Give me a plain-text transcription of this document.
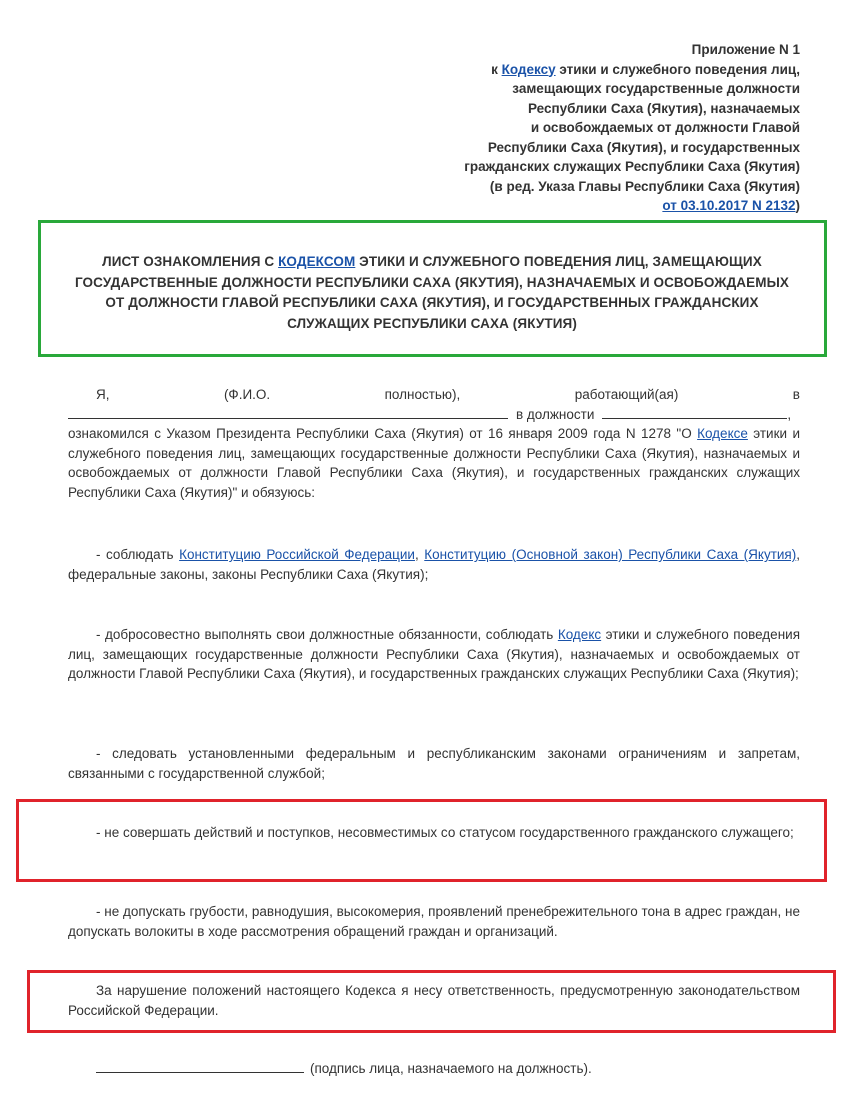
Приложение N 1
к Кодексу этики и служебного поведения лиц,
замещающих государственные должности
Республики Саха (Якутия), назначаемых
и освобождаемых от должности Главой
Республики Саха (Якутия), и государственных
гражданских служащих Республики Саха (Якутия)
(в ред. Указа Главы Республики Саха (Якутия)
от 03.10.2017 N 2132)
ЛИСТ ОЗНАКОМЛЕНИЯ С КОДЕКСОМ ЭТИКИ И СЛУЖЕБНОГО ПОВЕДЕНИЯ ЛИЦ, ЗАМЕЩАЮЩИХ ГОСУДАРСТВЕННЫЕ ДОЛЖНОСТИ РЕСПУБЛИКИ САХА (ЯКУТИЯ), НАЗНАЧАЕМЫХ И ОСВОБОЖДАЕМЫХ ОТ ДОЛЖНОСТИ ГЛАВОЙ РЕСПУБЛИКИ САХА (ЯКУТИЯ), И ГОСУДАРСТВЕННЫХ ГРАЖДАНСКИХ СЛУЖАЩИХ РЕСПУБЛИКИ САХА (ЯКУТИЯ)
Я,	(Ф.И.О.	полностью),	работающий(ая)	в
в должности	,
ознакомился с Указом Президента Республики Саха (Якутия) от 16 января 2009 года N 1278 "О Кодексе этики и служебного поведения лиц, замещающих государственные должности Республики Саха (Якутия), назначаемых и освобождаемых от должности Главой Республики Саха (Якутия), и государственных гражданских служащих Республики Саха (Якутия)" и обязуюсь:
- соблюдать Конституцию Российской Федерации, Конституцию (Основной закон) Республики Саха (Якутия), федеральные законы, законы Республики Саха (Якутия);
- добросовестно выполнять свои должностные обязанности, соблюдать Кодекс этики и служебного поведения лиц, замещающих государственные должности Республики Саха (Якутия), назначаемых и освобождаемых от должности Главой Республики Саха (Якутия), и государственных гражданских служащих Республики Саха (Якутия);
- следовать установленными федеральным и республиканским законами ограничениям и запретам, связанными с государственной службой;
- не совершать действий и поступков, несовместимых со статусом государственного гражданского служащего;
- не допускать грубости, равнодушия, высокомерия, проявлений пренебрежительного тона в адрес граждан, не допускать волокиты в ходе рассмотрения обращений граждан и организаций.
За нарушение положений настоящего Кодекса я несу ответственность, предусмотренную законодательством Российской Федерации.
(подпись лица, назначаемого на должность).
